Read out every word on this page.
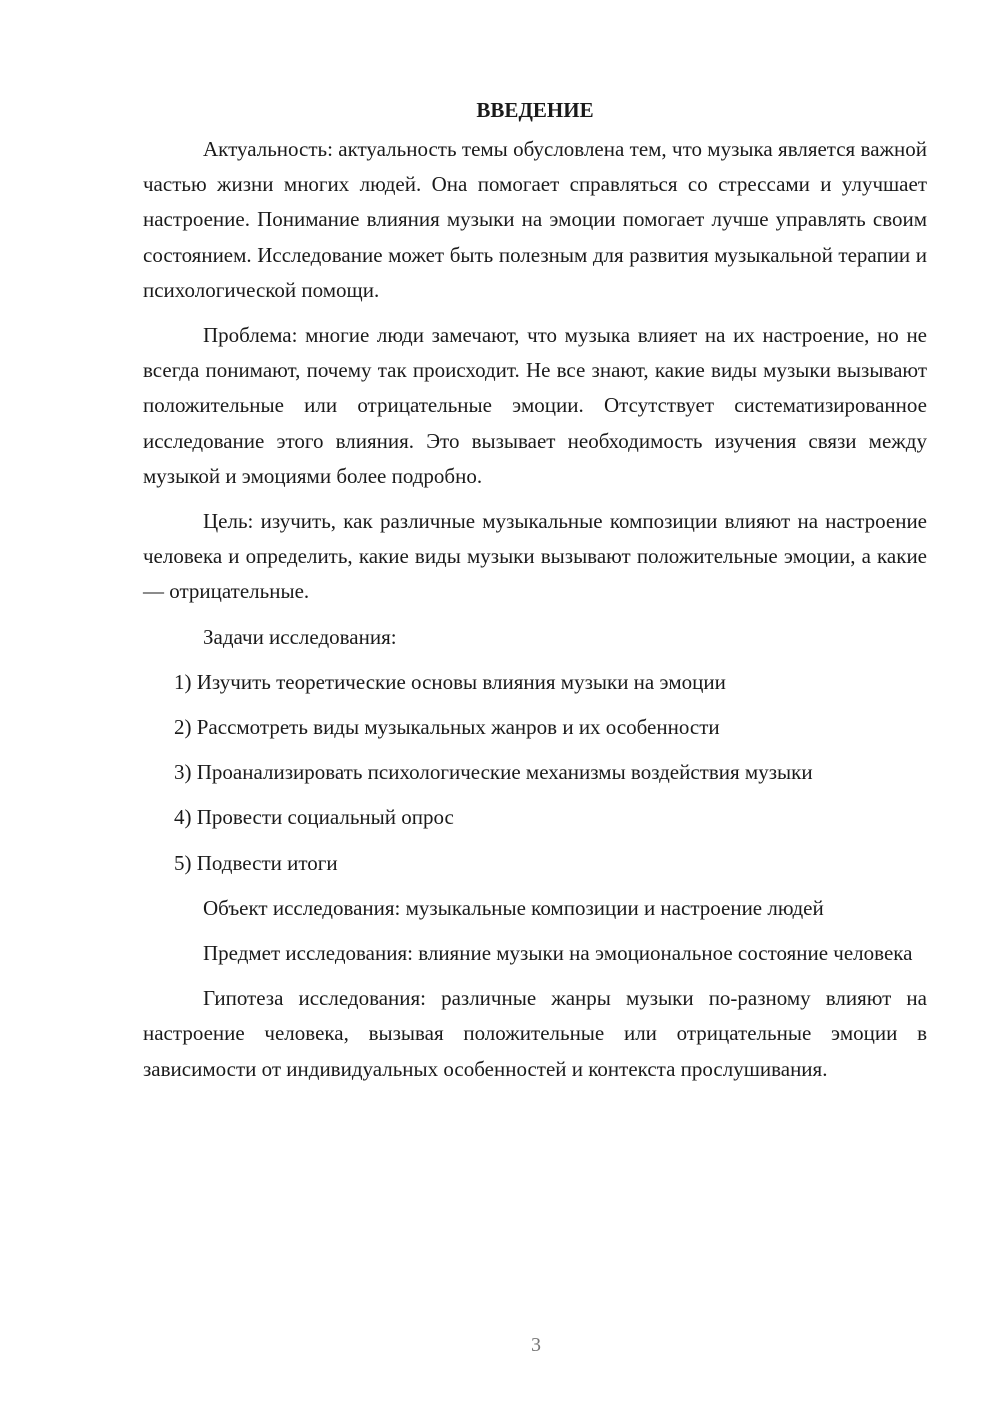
ВВЕДЕНИЕ

Актуальность: актуальность темы обусловлена тем, что музыка является важной частью жизни многих людей. Она помогает справляться со стрессами и улучшает настроение. Понимание влияния музыки на эмоции помогает лучше управлять своим состоянием. Исследование может быть полезным для развития музыкальной терапии и психологической помощи.

Проблема: многие люди замечают, что музыка влияет на их настроение, но не всегда понимают, почему так происходит. Не все знают, какие виды музыки вызывают положительные или отрицательные эмоции. Отсутствует систематизированное исследование этого влияния. Это вызывает необходимость изучения связи между музыкой и эмоциями более подробно.

Цель: изучить, как различные музыкальные композиции влияют на настроение человека и определить, какие виды музыки вызывают положительные эмоции, а какие — отрицательные.

Задачи исследования:

1) Изучить теоретические основы влияния музыки на эмоции

2) Рассмотреть виды музыкальных жанров и их особенности

3) Проанализировать психологические механизмы воздействия музыки

4) Провести социальный опрос

5) Подвести итоги

Объект исследования: музыкальные композиции и настроение людей

Предмет исследования: влияние музыки на эмоциональное состояние человека

Гипотеза исследования: различные жанры музыки по-разному влияют на настроение человека, вызывая положительные или отрицательные эмоции в зависимости от индивидуальных особенностей и контекста прослушивания.

3
